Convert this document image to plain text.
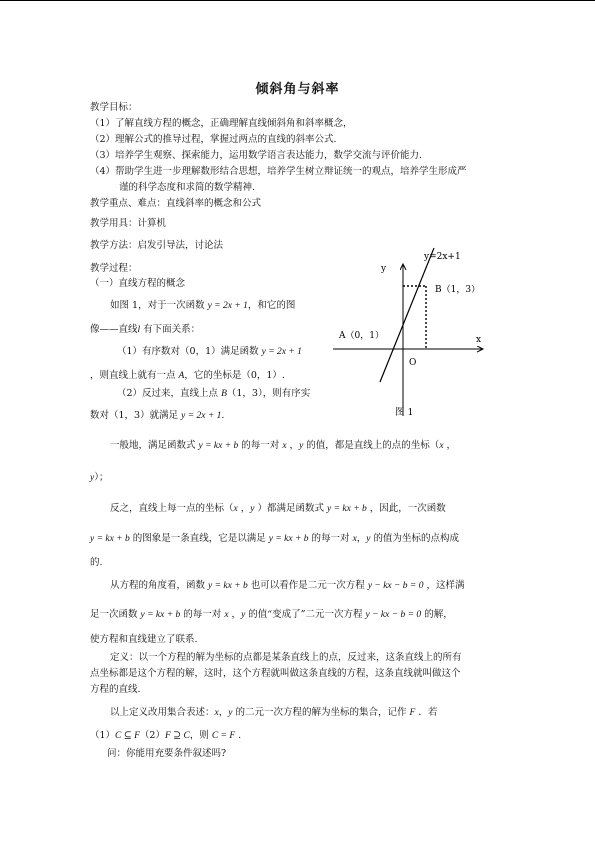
倾斜角与斜率
教学目标：
（1）了解直线方程的概念，正确理解直线倾斜角和斜率概念，
（2）理解公式的推导过程，掌握过两点的直线的斜率公式.
（3）培养学生观察、探索能力，运用数学语言表达能力，数学交流与评价能力.
（4）帮助学生进一步理解数形结合思想，培养学生树立辩证统一的观点，培养学生形成严
谨的科学态度和求简的数学精神.
教学重点、难点：直线斜率的概念和公式
教学用具：计算机
教学方法：启发引导法，讨论法
教学过程：
（一）直线方程的概念
如图 1，对于一次函数 y = 2x + 1，和它的图
像——直线l 有下面关系：
（1）有序数对（0，1）满足函数 y = 2x + 1
，则直线上就有一点 A，它的坐标是（0，1）.
（2）反过来，直线上点 B（1，3），则有序实
数对（1，3）就满足 y = 2x + 1.
y=2x+1
y
x
O
A（0，1）
B（1，3）
图 1
一般地，满足函数式 y = kx + b 的每一对 x ，y 的值，都是直线上的点的坐标（x ，
y）；
反之，直线上每一点的坐标（x ，y ）都满足函数式 y = kx + b ，因此，一次函数
y = kx + b 的图象是一条直线，它是以满足 y = kx + b 的每一对 x，y 的值为坐标的点构成
的.
从方程的角度看，函数 y = kx + b 也可以看作是二元一次方程 y − kx − b = 0 ，这样满
足一次函数 y = kx + b 的每一对 x ，y 的值“变成了”二元一次方程 y − kx − b = 0 的解，
使方程和直线建立了联系.
定义：以一个方程的解为坐标的点都是某条直线上的点，反过来，这条直线上的所有
点坐标都是这个方程的解，这时，这个方程就叫做这条直线的方程，这条直线就叫做这个
方程的直线.
以上定义改用集合表述：x，y 的二元一次方程的解为坐标的集合，记作 F ．若
（1）C ⊆ F（2）F ⊇ C，则 C = F .
问：你能用充要条件叙述吗?
